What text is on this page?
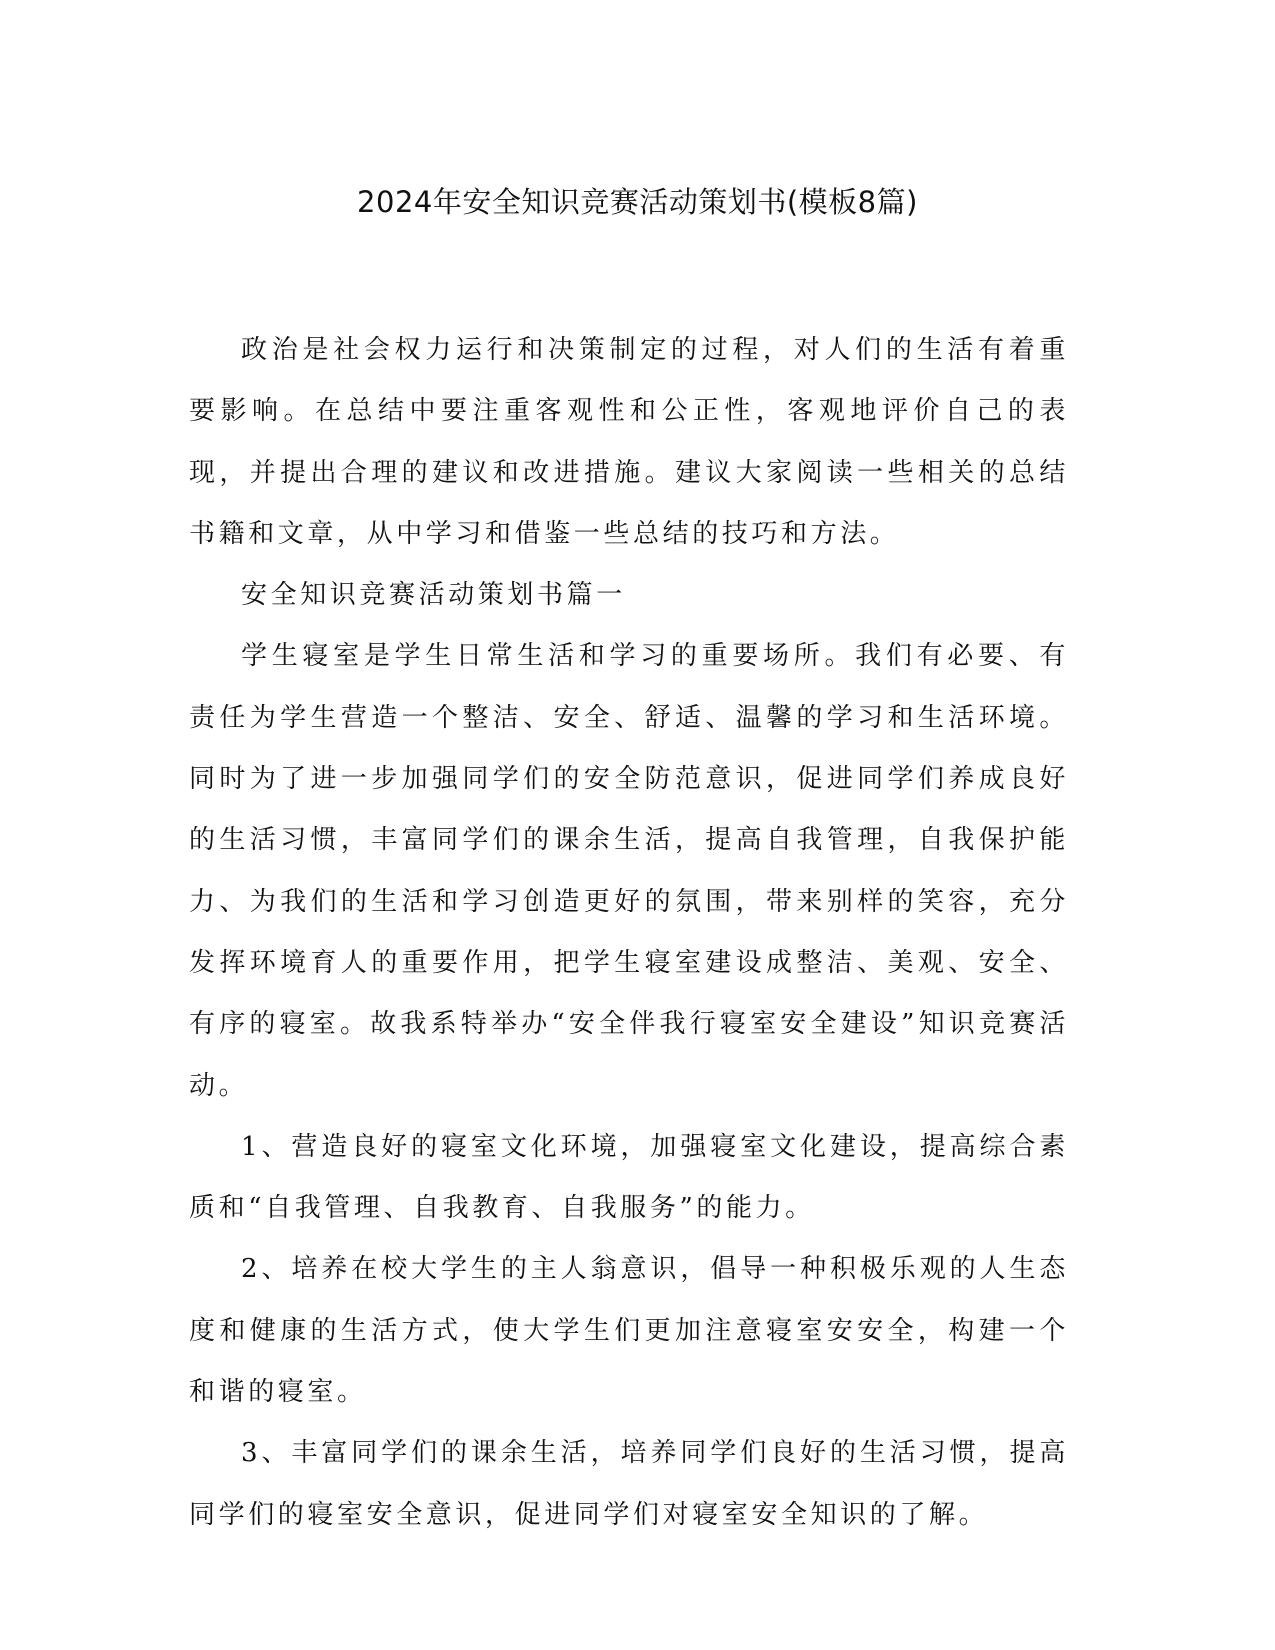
2024年安全知识竞赛活动策划书(模板8篇)

政治是社会权力运行和决策制定的过程，对人们的生活有着重要影响。在总结中要注重客观性和公正性，客观地评价自己的表现，并提出合理的建议和改进措施。建议大家阅读一些相关的总结书籍和文章，从中学习和借鉴一些总结的技巧和方法。

安全知识竞赛活动策划书篇一

学生寝室是学生日常生活和学习的重要场所。我们有必要、有责任为学生营造一个整洁、安全、舒适、温馨的学习和生活环境。同时为了进一步加强同学们的安全防范意识，促进同学们养成良好的生活习惯，丰富同学们的课余生活，提高自我管理，自我保护能力、为我们的生活和学习创造更好的氛围，带来别样的笑容，充分发挥环境育人的重要作用，把学生寝室建设成整洁、美观、安全、有序的寝室。故我系特举办“安全伴我行寝室安全建设”知识竞赛活动。

1、营造良好的寝室文化环境，加强寝室文化建设，提高综合素质和“自我管理、自我教育、自我服务”的能力。

2、培养在校大学生的主人翁意识，倡导一种积极乐观的人生态度和健康的生活方式，使大学生们更加注意寝室安安全，构建一个和谐的寝室。

3、丰富同学们的课余生活，培养同学们良好的生活习惯，提高同学们的寝室安全意识，促进同学们对寝室安全知识的了解。
